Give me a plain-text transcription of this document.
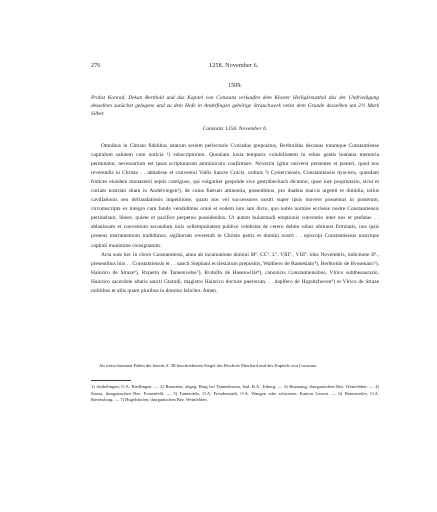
276	1258. November 6.
1509.
Probst Konrad, Dekan Berthold und das Kapitel von Constanz verkaufen dem Kloster Heiligkreuzthal das der Umfriedigung desselben zunächst gelegene und zu dem Hofe in Andelfingen gehörige Strauchwerk nebst dem Grunde desselben um 2½ Mark Silber.
Constanz 1258. November 6.

Omnibus in Christo fidelibus istarum seriem perlecturis Cvnradus prepositus, Berhtoldus decanus totumque Constantiense capitulum salutem cum noticia ¹) subscriptorum. Quoniam iuxta temporis volubilitatem in rebus gestis humana memoria permutatur, necessarium est ipsas scripturarum amminiculo confirmare. Noverint igitur universi presentes et posteri, quod nos reverendis in Christo . . abbatisse et conventui Vallis Sancte Crucis, ordinis ²) Cysterciensis, Constantiensis dyocesis, quosdam frutices eiusdem monasterii septis contiguos, qui vulgariter gesprüde sive gestrübechach dicuntur, quoe iure proprietario, sicut et curiam nostram sitam in Andelvingen³), de cuius fuerunt attinentia, possedimus, pro duabus marcis argenti et dimidia, totius cavillationis seu defraudationis impetitione, quam nos vel successores nostri super ipsis movere possemus in posterum, circumscripta ex integro cum fundo vendidimus omni et eodem iure iam dicto, quo nobis nomine ecclesie nostre Constantiensis pertinebant, libere, quiete et pacifice perpetuo possidendos. Ut autem huiusmodi emptionis conventio inter nos et prefatas . . abbatissam et conventum secundum iuris sollempnitatem publice celebrata de cetero debite robur obtineat firmitatis, nos ipsis presens instrumentum tradidimus, sigillorum reverendi in Christo patris et domini nostri . . episcopi Constantiensis nostrique capituli munimine consignatum.

Acta sunt hec in choro Constantiensi, anno ab incarnatione domini Mº. CCº. Lº. VIIIº., VIIIº. idus Novembris, indictione IIª., presentibus hiis . . Constantiensis et . . sancti Stephani ecclesiarum prepositis, Walthero de Ramestain⁴), Berhtoldo de Bvssenanc⁵), Hainrico de Straze⁶), Rvperto de Tannenvelse⁷), Rvdolfo de Hasenwilär⁸), canonicis Constantiensibus, Vlrico subthesaurario, Hainrico sacerdote altaris sancti Gtarudi, magistro Hainrico doctore puerorum, . . dapifero de Hrgoltzhoven⁹) et Vlrico de Straze militibus et aliis quam pluribus in domino feliciter. Amen.

An weiss-braunen Fäden die bereits S. 38 beschriebenen Siegel des Bischofs Eberhard und des Kapitels von Constanz.

1) Andelfingen, O.A. Riedlingen. — 2) Ramstein, abgeg. Burg bei Tannenbronn, bad. B.A. Triberg. — 3) Bussnang, thurgauischen Bez. Weinfelden. — 4) Straza, thurgauischen Bez. Frauenfeld. — 5) Tannenfels, O.A. Freudenstadt, O.A. Wangen oder schweizer. Kanton Luzern. — 6) Hasenweiler, O.A. Ravensburg. — 7) Hugelshofen, thurgauischen Bez. Weinfelden.
